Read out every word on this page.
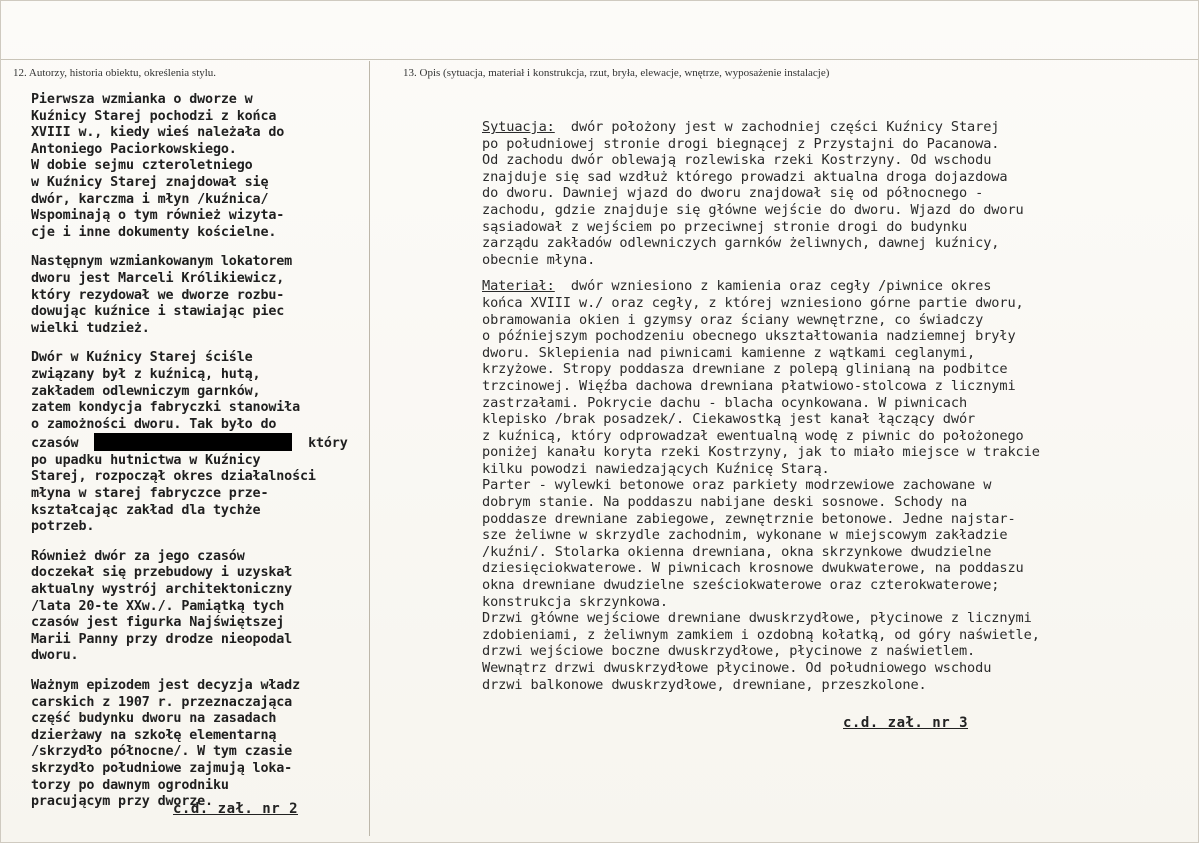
12. Autorzy, historia obiektu, określenia stylu.	13. Opis (sytuacja, materiał i konstrukcja, rzut, bryła, elewacje, wnętrze, wyposażenie instalacje)

Pierwsza wzmianka o dworze w
Kuźnicy Starej pochodzi z końca
XVIII w., kiedy wieś należała do
Antoniego Paciorkowskiego.
W dobie sejmu czteroletniego
w Kuźnicy Starej znajdował się
dwór, karczma i młyn /kuźnica/
Wspominają o tym również wizyta-
cje i inne dokumenty kościelne.

Następnym wzmiankowanym lokatorem
dworu jest Marceli Królikiewicz,
który rezydował we dworze rozbu-
dowując kuźnice i stawiając piec
wielki tudzież.

Dwór w Kuźnicy Starej ściśle
związany był z kuźnicą, hutą,
zakładem odlewniczym garnków,
zatem kondycja fabryczki stanowiła
o zamożności dworu. Tak było do

czasów	który

po upadku hutnictwa w Kuźnicy
Starej, rozpoczął okres działalności
młyna w starej fabryczce prze-
kształcając zakład dla tychże
potrzeb.

Również dwór za jego czasów
doczekał się przebudowy i uzyskał
aktualny wystrój architektoniczny
/lata 20-te XXw./. Pamiątką tych
czasów jest figurka Najświętszej
Marii Panny przy drodze nieopodal
dworu.

Ważnym epizodem jest decyzja władz
carskich z 1907 r. przeznaczająca
część budynku dworu na zasadach
dzierżawy na szkołę elementarną
/skrzydło północne/. W tym czasie
skrzydło południowe zajmują loka-
torzy po dawnym ogrodniku
pracującym przy dworze.

c.d. zał. nr 2

Sytuacja:  dwór położony jest w zachodniej części Kuźnicy Starej
po południowej stronie drogi biegnącej z Przystajni do Pacanowa.
Od zachodu dwór oblewają rozlewiska rzeki Kostrzyny. Od wschodu
znajduje się sad wzdłuż którego prowadzi aktualna droga dojazdowa
do dworu. Dawniej wjazd do dworu znajdował się od północnego -
zachodu, gdzie znajduje się główne wejście do dworu. Wjazd do dworu
sąsiadował z wejściem po przeciwnej stronie drogi do budynku
zarządu zakładów odlewniczych garnków żeliwnych, dawnej kuźnicy,
obecnie młyna.

Materiał:  dwór wzniesiono z kamienia oraz cegły /piwnice okres
końca XVIII w./ oraz cegły, z której wzniesiono górne partie dworu,
obramowania okien i gzymsy oraz ściany wewnętrzne, co świadczy
o późniejszym pochodzeniu obecnego ukształtowania nadziemnej bryły
dworu. Sklepienia nad piwnicami kamienne z wątkami ceglanymi,
krzyżowe. Stropy poddasza drewniane z polepą glinianą na podbitce
trzcinowej. Więźba dachowa drewniana płatwiowo-stolcowa z licznymi
zastrzałami. Pokrycie dachu - blacha ocynkowana. W piwnicach
klepisko /brak posadzek/. Ciekawostką jest kanał łączący dwór
z kuźnicą, który odprowadzał ewentualną wodę z piwnic do położonego
poniżej kanału koryta rzeki Kostrzyny, jak to miało miejsce w trakcie
kilku powodzi nawiedzających Kuźnicę Starą.
Parter - wylewki betonowe oraz parkiety modrzewiowe zachowane w
dobrym stanie. Na poddaszu nabijane deski sosnowe. Schody na
poddasze drewniane zabiegowe, zewnętrznie betonowe. Jedne najstar-
sze żeliwne w skrzydle zachodnim, wykonane w miejscowym zakładzie
/kuźni/. Stolarka okienna drewniana, okna skrzynkowe dwudzielne
dziesięciokwaterowe. W piwnicach krosnowe dwukwaterowe, na poddaszu
okna drewniane dwudzielne sześciokwaterowe oraz czterokwaterowe;
konstrukcja skrzynkowa.
Drzwi główne wejściowe drewniane dwuskrzydłowe, płycinowe z licznymi
zdobieniami, z żeliwnym zamkiem i ozdobną kołatką, od góry naświetle,
drzwi wejściowe boczne dwuskrzydłowe, płycinowe z naświetlem.
Wewnątrz drzwi dwuskrzydłowe płycinowe. Od południowego wschodu
drzwi balkonowe dwuskrzydłowe, drewniane, przeszkolone.

c.d. zał. nr 3
